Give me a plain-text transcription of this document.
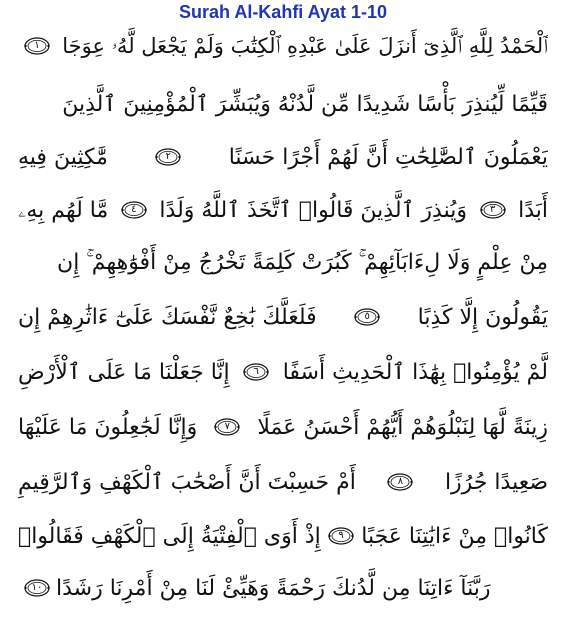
Surah Al-Kahfi Ayat 1-10
ٱلْحَمْدُ لِلَّهِ ٱلَّذِىٓ أَنزَلَ عَلَىٰ عَبْدِهِ ٱلْكِتَٰبَ وَلَمْ يَجْعَل لَّهُۥ عِوَجَا
١
قَيِّمًا لِّيُنذِرَ بَأْسًا شَدِيدًا مِّن لَّدُنْهُ وَيُبَشِّرَ ٱلْمُؤْمِنِينَ ٱلَّذِينَ
يَعْمَلُونَ ٱلصَّٰلِحَٰتِ أَنَّ لَهُمْ أَجْرًا حَسَنًا
٢
مَّٰكِثِينَ فِيهِ
أَبَدًا
٣
وَيُنذِرَ ٱلَّذِينَ قَالُوا۟ ٱتَّخَذَ ٱللَّهُ وَلَدًا
٤
مَّا لَهُم بِهِۦ
مِنْ عِلْمٍ وَلَا لِءَابَآئِهِمْ ۚ كَبُرَتْ كَلِمَةً تَخْرُجُ مِنْ أَفْوَٰهِهِمْ ۚ إِن
يَقُولُونَ إِلَّا كَذِبًا
٥
فَلَعَلَّكَ بَٰخِعٌ نَّفْسَكَ عَلَىٰٓ ءَاثَٰرِهِمْ إِن
لَّمْ يُؤْمِنُوا۟ بِهَٰذَا ٱلْحَدِيثِ أَسَفًا
٦
إِنَّا جَعَلْنَا مَا عَلَى ٱلْأَرْضِ
زِينَةً لَّهَا لِنَبْلُوَهُمْ أَيُّهُمْ أَحْسَنُ عَمَلًا
٧
وَإِنَّا لَجَٰعِلُونَ مَا عَلَيْهَا
صَعِيدًا جُرُزًا
٨
أَمْ حَسِبْتَ أَنَّ أَصْحَٰبَ ٱلْكَهْفِ وَٱلرَّقِيمِ
كَانُوا۟ مِنْ ءَايَٰتِنَا عَجَبًا
٩
إِذْ أَوَى ٱلْفِتْيَةُ إِلَى ٱلْكَهْفِ فَقَالُوا۟
رَبَّنَآ ءَاتِنَا مِن لَّدُنكَ رَحْمَةً وَهَيِّئْ لَنَا مِنْ أَمْرِنَا رَشَدًا
١٠
